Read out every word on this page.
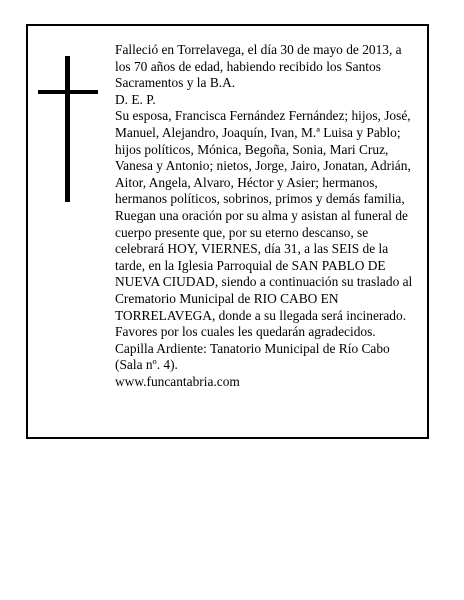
Falleció en Torrelavega, el día 30 de mayo de 2013, a

los 70 años de edad, habiendo recibido los Santos

Sacramentos y la B.A.

D. E. P.

Su esposa, Francisca Fernández Fernández; hijos, José,

Manuel, Alejandro, Joaquín, Ivan, M.ª Luisa y Pablo;

hijos políticos, Mónica, Begoña, Sonia, Mari Cruz,

Vanesa y Antonio; nietos, Jorge, Jairo, Jonatan, Adrián,

Aitor, Angela, Alvaro, Héctor y Asier; hermanos,

hermanos políticos, sobrinos, primos y demás familia,

Ruegan una oración por su alma y asistan al funeral de

cuerpo presente que, por su eterno descanso, se

celebrará HOY, VIERNES, día 31, a las SEIS de la

tarde, en la Iglesia Parroquial de SAN PABLO DE

NUEVA CIUDAD, siendo a continuación su traslado al

Crematorio Municipal de RIO CABO EN

TORRELAVEGA, donde a su llegada será incinerado.

Favores por los cuales les quedarán agradecidos.

Capilla Ardiente: Tanatorio Municipal de Río Cabo

(Sala nº. 4).

www.funcantabria.com
